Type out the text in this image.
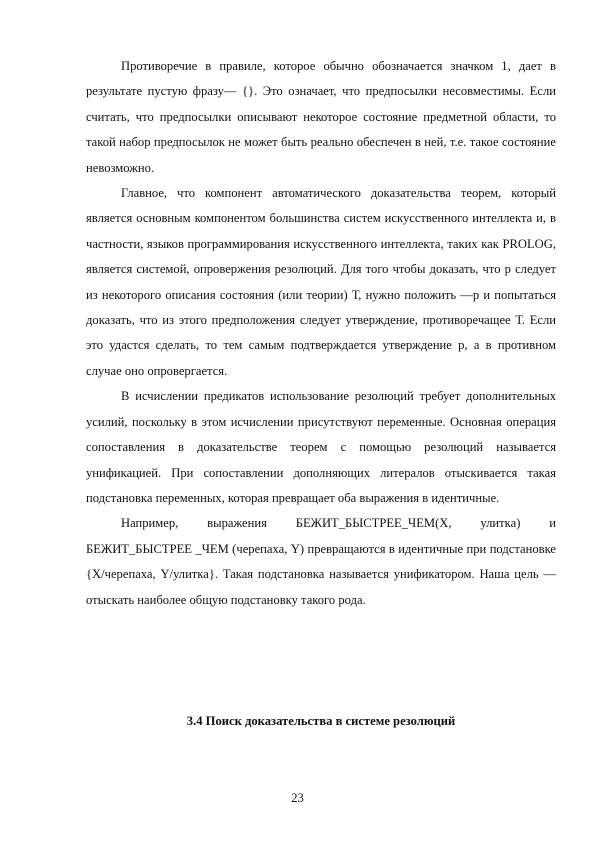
Противоречие в правиле, которое обычно обозначается значком 1, дает в результате пустую фразу— {}. Это означает, что предпосылки несовместимы. Если считать, что предпосылки описывают некоторое состояние предметной области, то такой набор предпосылок не может быть реально обеспечен в ней, т.е. такое состояние невозможно.

Главное, что компонент автоматического доказательства теорем, который является основным компонентом большинства систем искусственного интеллекта и, в частности, языков программирования искусственного интеллекта, таких как PROLOG, является системой, опровержения резолюций. Для того чтобы доказать, что р следует из некоторого описания состояния (или теории) Т, нужно положить —р и попытаться доказать, что из этого предположения следует утверждение, противоречащее Т. Если это удастся сделать, то тем самым подтверждается утверждение р, а в противном случае оно опровергается.

В исчислении предикатов использование резолюций требует дополнительных усилий, поскольку в этом исчислении присутствуют переменные. Основная операция сопоставления в доказательстве теорем с помощью резолюций называется унификацией. При сопоставлении дополняющих литералов отыскивается такая подстановка переменных, которая превращает оба выражения в идентичные.

Например, выражения БЕЖИТ_БЫСТРЕЕ_ЧЕМ(Х, улитка) и БЕЖИТ_БЫСТРЕЕ _ЧЕМ (черепаха, Y) превращаются в идентичные при подстановке {Х/черепаха, Y/улитка}. Такая подстановка называется унификатором. Наша цель — отыскать наиболее общую подстановку такого рода.

3.4 Поиск доказательства в системе резолюций
23
